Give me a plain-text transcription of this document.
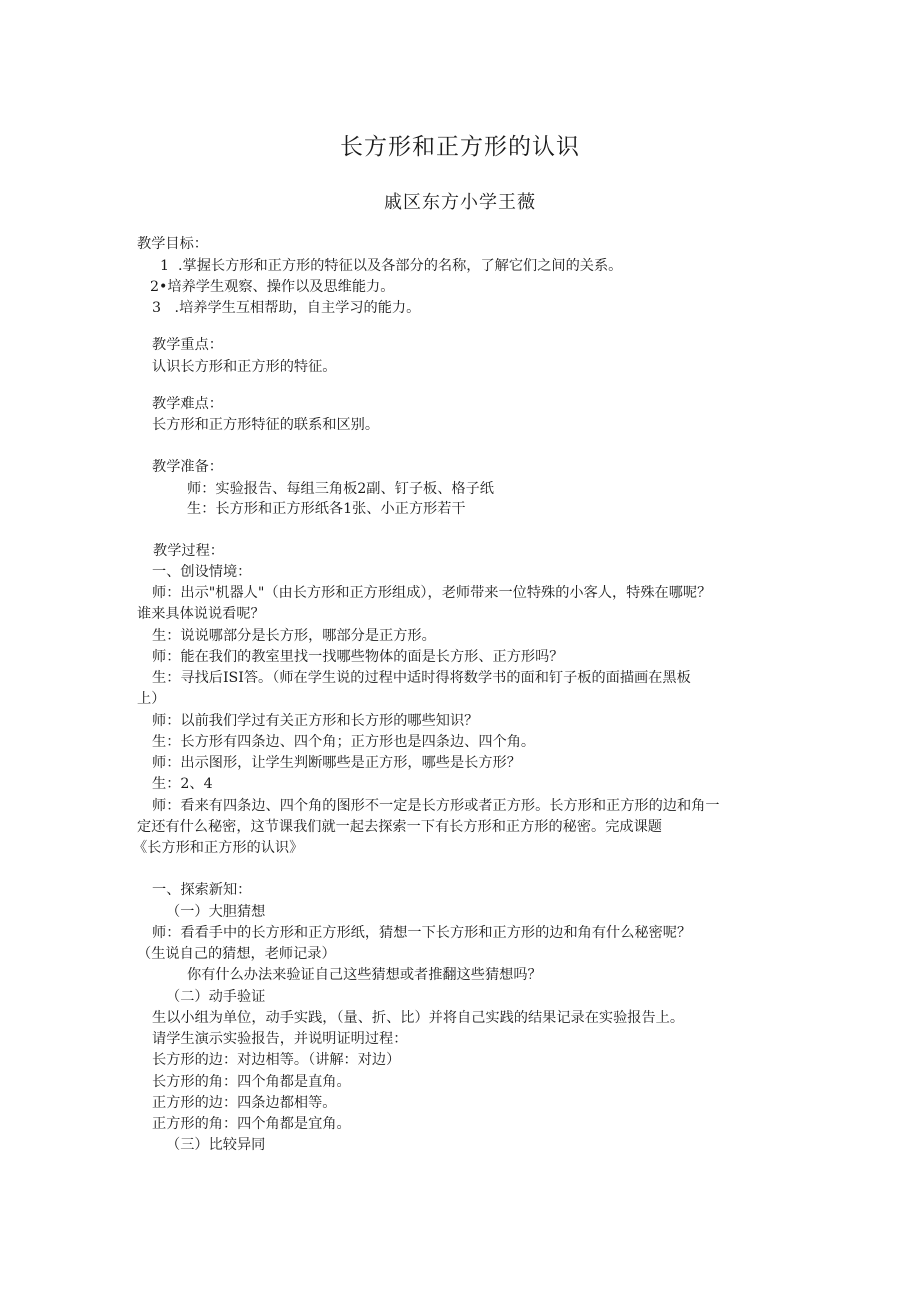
长方形和正方形的认识
戚区东方小学王薇
教学目标：
1  .掌握长方形和正方形的特征以及各部分的名称，了解它们之间的关系。
2•培养学生观察、操作以及思维能力。
3   .培养学生互相帮助，自主学习的能力。
教学重点：
认识长方形和正方形的特征。
教学难点：
长方形和正方形特征的联系和区别。
教学准备：
师：实验报告、每组三角板2副、钉子板、格子纸
生：长方形和正方形纸各1张、小正方形若干
教学过程：
一、创设情境：
师：出示"机器人"（由长方形和正方形组成），老师带来一位特殊的小客人，特殊在哪呢？
谁来具体说说看呢？
生：说说哪部分是长方形，哪部分是正方形。
师：能在我们的教室里找一找哪些物体的面是长方形、正方形吗？
生：寻找后ISI答。（师在学生说的过程中适时得将数学书的面和钉子板的面描画在黑板
上）
师：以前我们学过有关正方形和长方形的哪些知识？
生：长方形有四条边、四个角；正方形也是四条边、四个角。
师：出示图形，让学生判断哪些是正方形，哪些是长方形？
生：2、4
师：看来有四条边、四个角的图形不一定是长方形或者正方形。长方形和正方形的边和角一
定还有什么秘密，这节课我们就一起去探索一下有长方形和正方形的秘密。完成课题
《长方形和正方形的认识》
一、探索新知：
（一）大胆猜想
师：看看手中的长方形和正方形纸，猜想一下长方形和正方形的边和角有什么秘密呢？
（生说自己的猜想，老师记录）
你有什么办法来验证自己这些猜想或者推翻这些猜想吗？
（二）动手验证
生以小组为单位，动手实践，（量、折、比）并将自己实践的结果记录在实验报告上。
请学生演示实验报告，并说明证明过程：
长方形的边：对边相等。（讲解：对边）
长方形的角：四个角都是直角。
正方形的边：四条边都相等。
正方形的角：四个角都是宜角。
（三）比较异同
